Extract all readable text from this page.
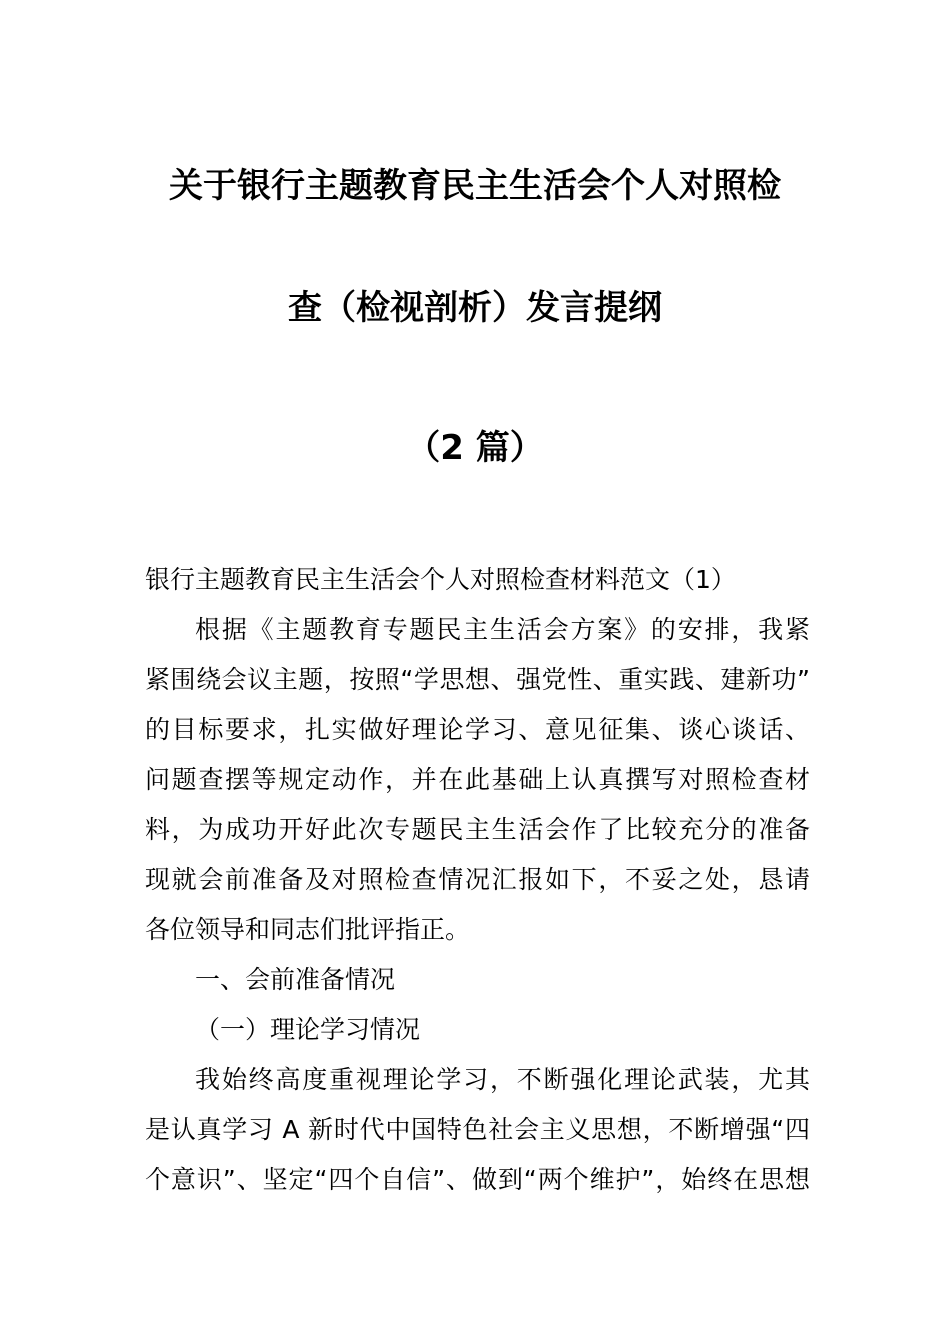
关于银行主题教育民主生活会个人对照检
查（检视剖析）发言提纲
（2 篇）
银行主题教育民主生活会个人对照检查材料范文（1）
根据《主题教育专题民主生活会方案》的安排，我紧
紧围绕会议主题，按照“学思想、强党性、重实践、建新功”
的目标要求，扎实做好理论学习、意见征集、谈心谈话、
问题查摆等规定动作，并在此基础上认真撰写对照检查材
料，为成功开好此次专题民主生活会作了比较充分的准备
现就会前准备及对照检查情况汇报如下，不妥之处，恳请
各位领导和同志们批评指正。
一、会前准备情况
（一）理论学习情况
我始终高度重视理论学习，不断强化理论武装，尤其
是认真学习 A 新时代中国特色社会主义思想，不断增强“四
个意识”、坚定“四个自信”、做到“两个维护”，始终在思想
